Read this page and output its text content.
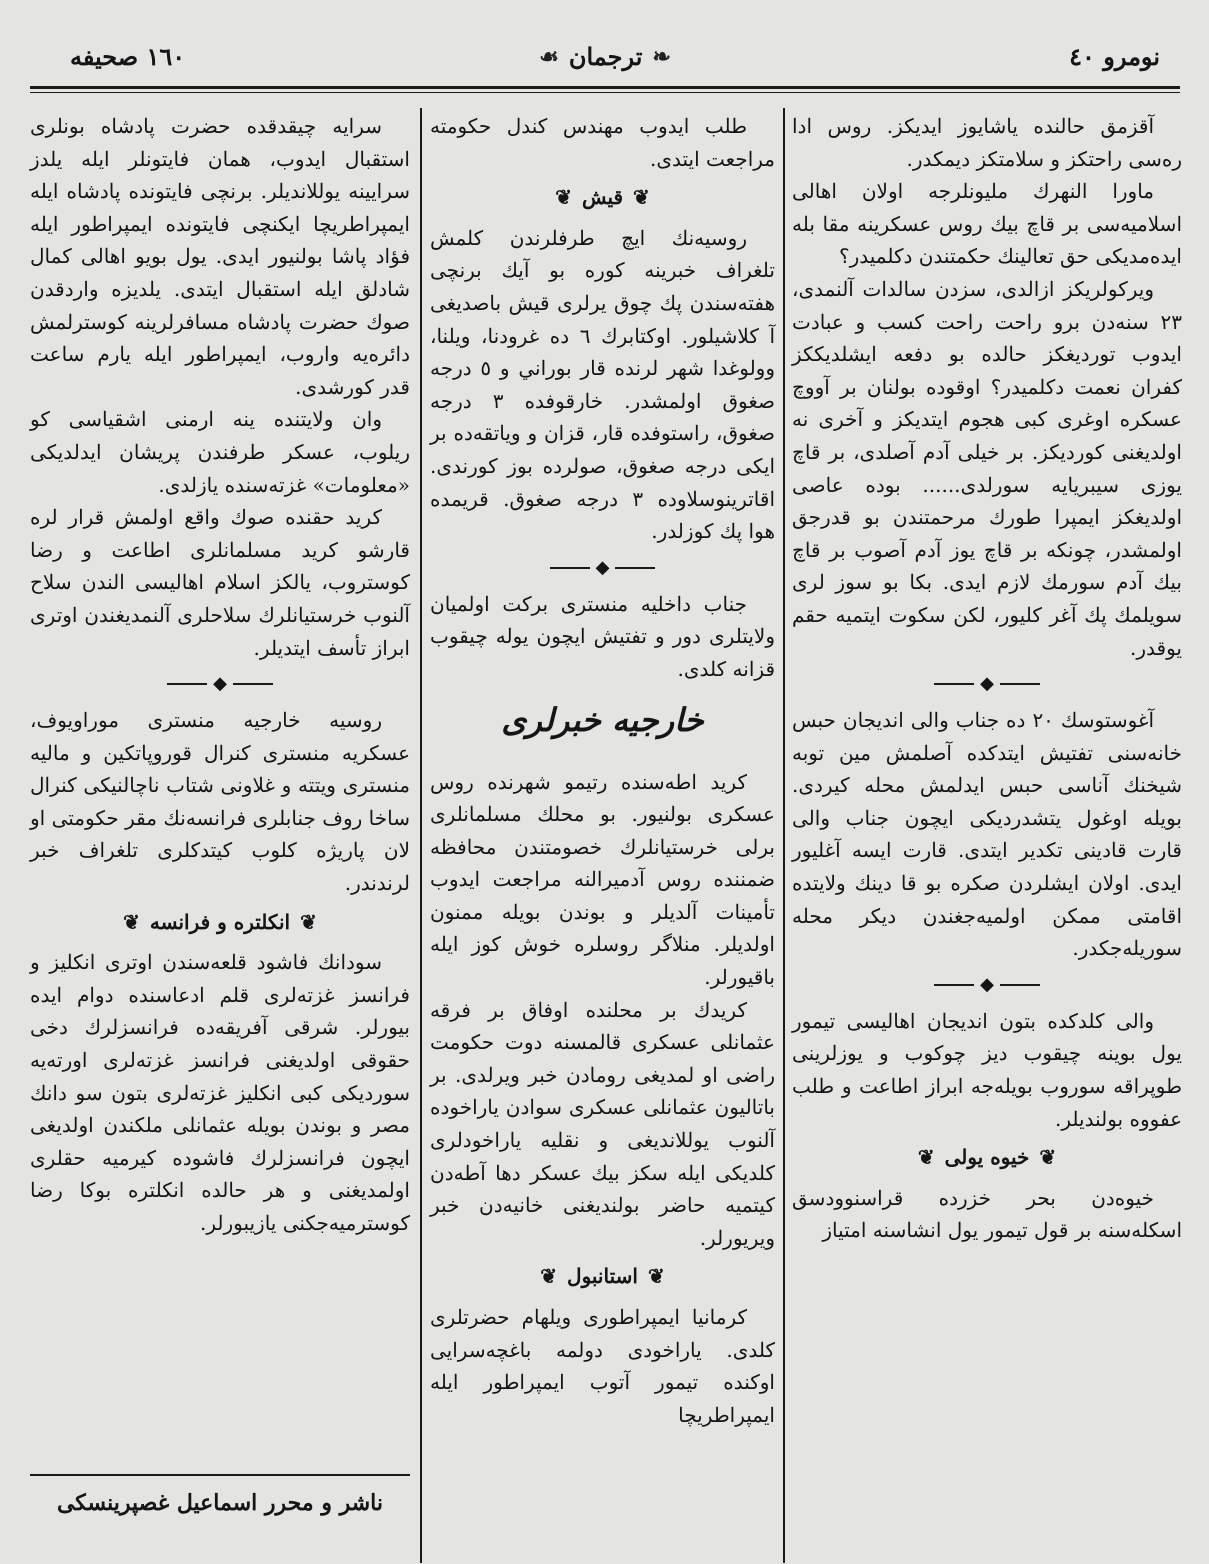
١٦٠ صحيفه	❧
ترجمان
☙	نومرو ٤٠

آقزمق حالنده یاشایوز ایدیکز. روس ادا رەسی راحتکز و سلامتکز دیمکدر.

ماورا النهرك ملیونلرجه اولان اهالی اسلامیه‌سی بر قاچ بیك روس عسکرینه مقا بله ایده‌مدیکی حق تعالینك حکمتندن دکلمیدر؟

ویرکولریکز ازالدی، سزدن سالدات آلنمدی، ٢٣ سنه‌دن برو راحت راحت کسب و عبادت ایدوب توردیغکز حالده بو دفعه ایشلدیککز کفران نعمت دکلمیدر؟ اوقوده بولنان بر آووچ عسکره اوغری کبی هجوم ایتدیکز و آخری نه اولدیغنی کوردیکز. بر خیلی آدم آصلدی، بر قاچ یوزی سیبریایه سورلدی...... بوده عاصی اولدیغکز ایمپرا طورك مرحمتندن بو قدرجق اولمشدر، چونکه بر قاچ یوز آدم آصوب بر قاچ بیك آدم سورمك لازم ایدی. بکا بو سوز لری سویلمك پك آغر کلیور، لکن سکوت ایتمیه حقم یوقدر.

◆

آغوستوسك ٢٠ ده جناب والی اندیجان حبس خانه‌سنی تفتیش ایتدکده آصلمش مین توبه شیخنك آناسی حبس ایدلمش محله کیردی. بویله اوغول یتشدردیکی ایچون جناب والی قارت قادینی تکدیر ایتدی. قارت ایسه آغلیور ایدی. اولان ایشلردن صکره بو قا دینك ولایتده اقامتی ممکن اولمیه‌جغندن دیکر محله سوریله‌جکدر.

◆

والی کلدکده بتون اندیجان اهالیسی تیمور یول بوینه چیقوب دیز چوکوب و یوزلرینی طوپراقه سوروب بویله‌جه ابراز اطاعت و طلب عفووه بولندیلر.

❦خیوه یولی❦

خیوه‌دن بحر خزرده قراسنوودسق اسکله‌سنه بر قول تیمور یول انشاسنه امتیاز

طلب ایدوب مهندس کندل حکومته مراجعت ایتدی.

❦قیش❦

روسیه‌نك ایچ طرفلرندن کلمش تلغراف خبرینه کوره بو آیك برنچی هفته‌سندن پك چوق یرلری قیش باصدیغی آ کلاشیلور. اوکتابرك ٦ ده غرودنا، ویلنا، وولوغدا شهر لرنده قار بوراني و ٥ درجه صغوق اولمشدر. خارقوفده ٣ درجه صغوق، راستوفده قار، قزان و ویاتقه‌ده بر ایکی درجه صغوق، صولرده بوز کورندی. اقاترینوسلاوده ٣ درجه صغوق. قریمده هوا پك کوزلدر.

◆

جناب داخلیه منستری برکت اولمیان ولایتلری دور و تفتیش ایچون یوله چیقوب قزانه کلدی.

خارجیه خبرلری

کرید اطه‌سنده رتیمو شهرنده روس عسکری بولنیور. بو محلك مسلمانلری برلی خرستیانلرك خصومتندن محافظه ضمننده روس آدمیرالنه مراجعت ایدوب تأمینات آلدیلر و بوندن بویله ممنون اولدیلر. منلاگر روسلره خوش کوز ایله باقیورلر.

کریدك بر محلنده اوفاق بر فرقه عثمانلی عسکری قالمسنه دوت حکومت راضی او لمدیغی رومادن خبر ویرلدی. بر باتالیون عثمانلی عسکری سوادن یاراخوده آلنوب یوللاندیغی و نقلیه یاراخودلری کلدیکی ایله سکز بیك عسکر دها آطه‌دن کیتمیه حاضر بولندیغنی خانیه‌دن خبر ویریورلر.

❦استانبول❦

کرمانیا ایمپراطوری ویلهام حضرتلری کلدی. یاراخودی دولمه باغچه‌سرایی اوکنده تیمور آتوب ایمپراطور ایله ایمپراطریچا

سرایه چیقدقده حضرت پادشاه بونلری استقبال ایدوب، همان فایتونلر ایله یلدز سرایینه یوللاندیلر. برنچی فایتونده پادشاه ایله ایمپراطریچا ایکنچی فایتونده ایمپراطور ایله فؤاد پاشا بولنیور ایدی. یول بویو اهالی کمال شادلق ایله استقبال ایتدی. یلدیزه واردقدن صوك حضرت پادشاه مسافرلرینه کوسترلمش دائره‌یه واروب، ایمپراطور ایله یارم ساعت قدر کورشدی.

وان ولایتنده ینه ارمنی اشقیاسی کو ریلوب، عسکر طرفندن پریشان ایدلدیکی «معلومات» غزته‌سنده یازلدی.

کرید حقنده صوك واقع اولمش قرار لره قارشو کرید مسلمانلری اطاعت و رضا کوستروب، یالکز اسلام اهالیسی الندن سلاح آلنوب خرستیانلرك سلاحلری آلنمدیغندن اوتری ابراز تأسف ایتدیلر.

◆

روسیه خارجیه منستری موراویوف، عسکریه منستری کنرال قوروپاتکین و مالیه منستری ویتته و غلاونی شتاب ناچالنیکی کنرال ساخا روف جنابلری فرانسه‌نك مقر حکومتی او لان پاریژه کلوب کیتدکلری تلغراف خبر لرندندر.

❦انکلتره و فرانسه❦

سودانك فاشود قلعه‌سندن اوتری انکلیز و فرانسز غزته‌لری قلم ادعاسنده دوام ایده بیورلر. شرقی آفریقه‌ده فرانسزلرك دخی حقوقی اولدیغنی فرانسز غزته‌لری اورته‌یه سوردیکی کبی انکلیز غزته‌لری بتون سو دانك مصر و بوندن بویله عثمانلی ملکندن اولدیغی ایچون فرانسزلرك فاشوده کیرمیه حقلری اولمدیغنی و هر حالده انکلتره بوکا رضا کوسترمیه‌جکنی یازیبورلر.

ناشر و محرر اسماعیل غصپرینسکی
